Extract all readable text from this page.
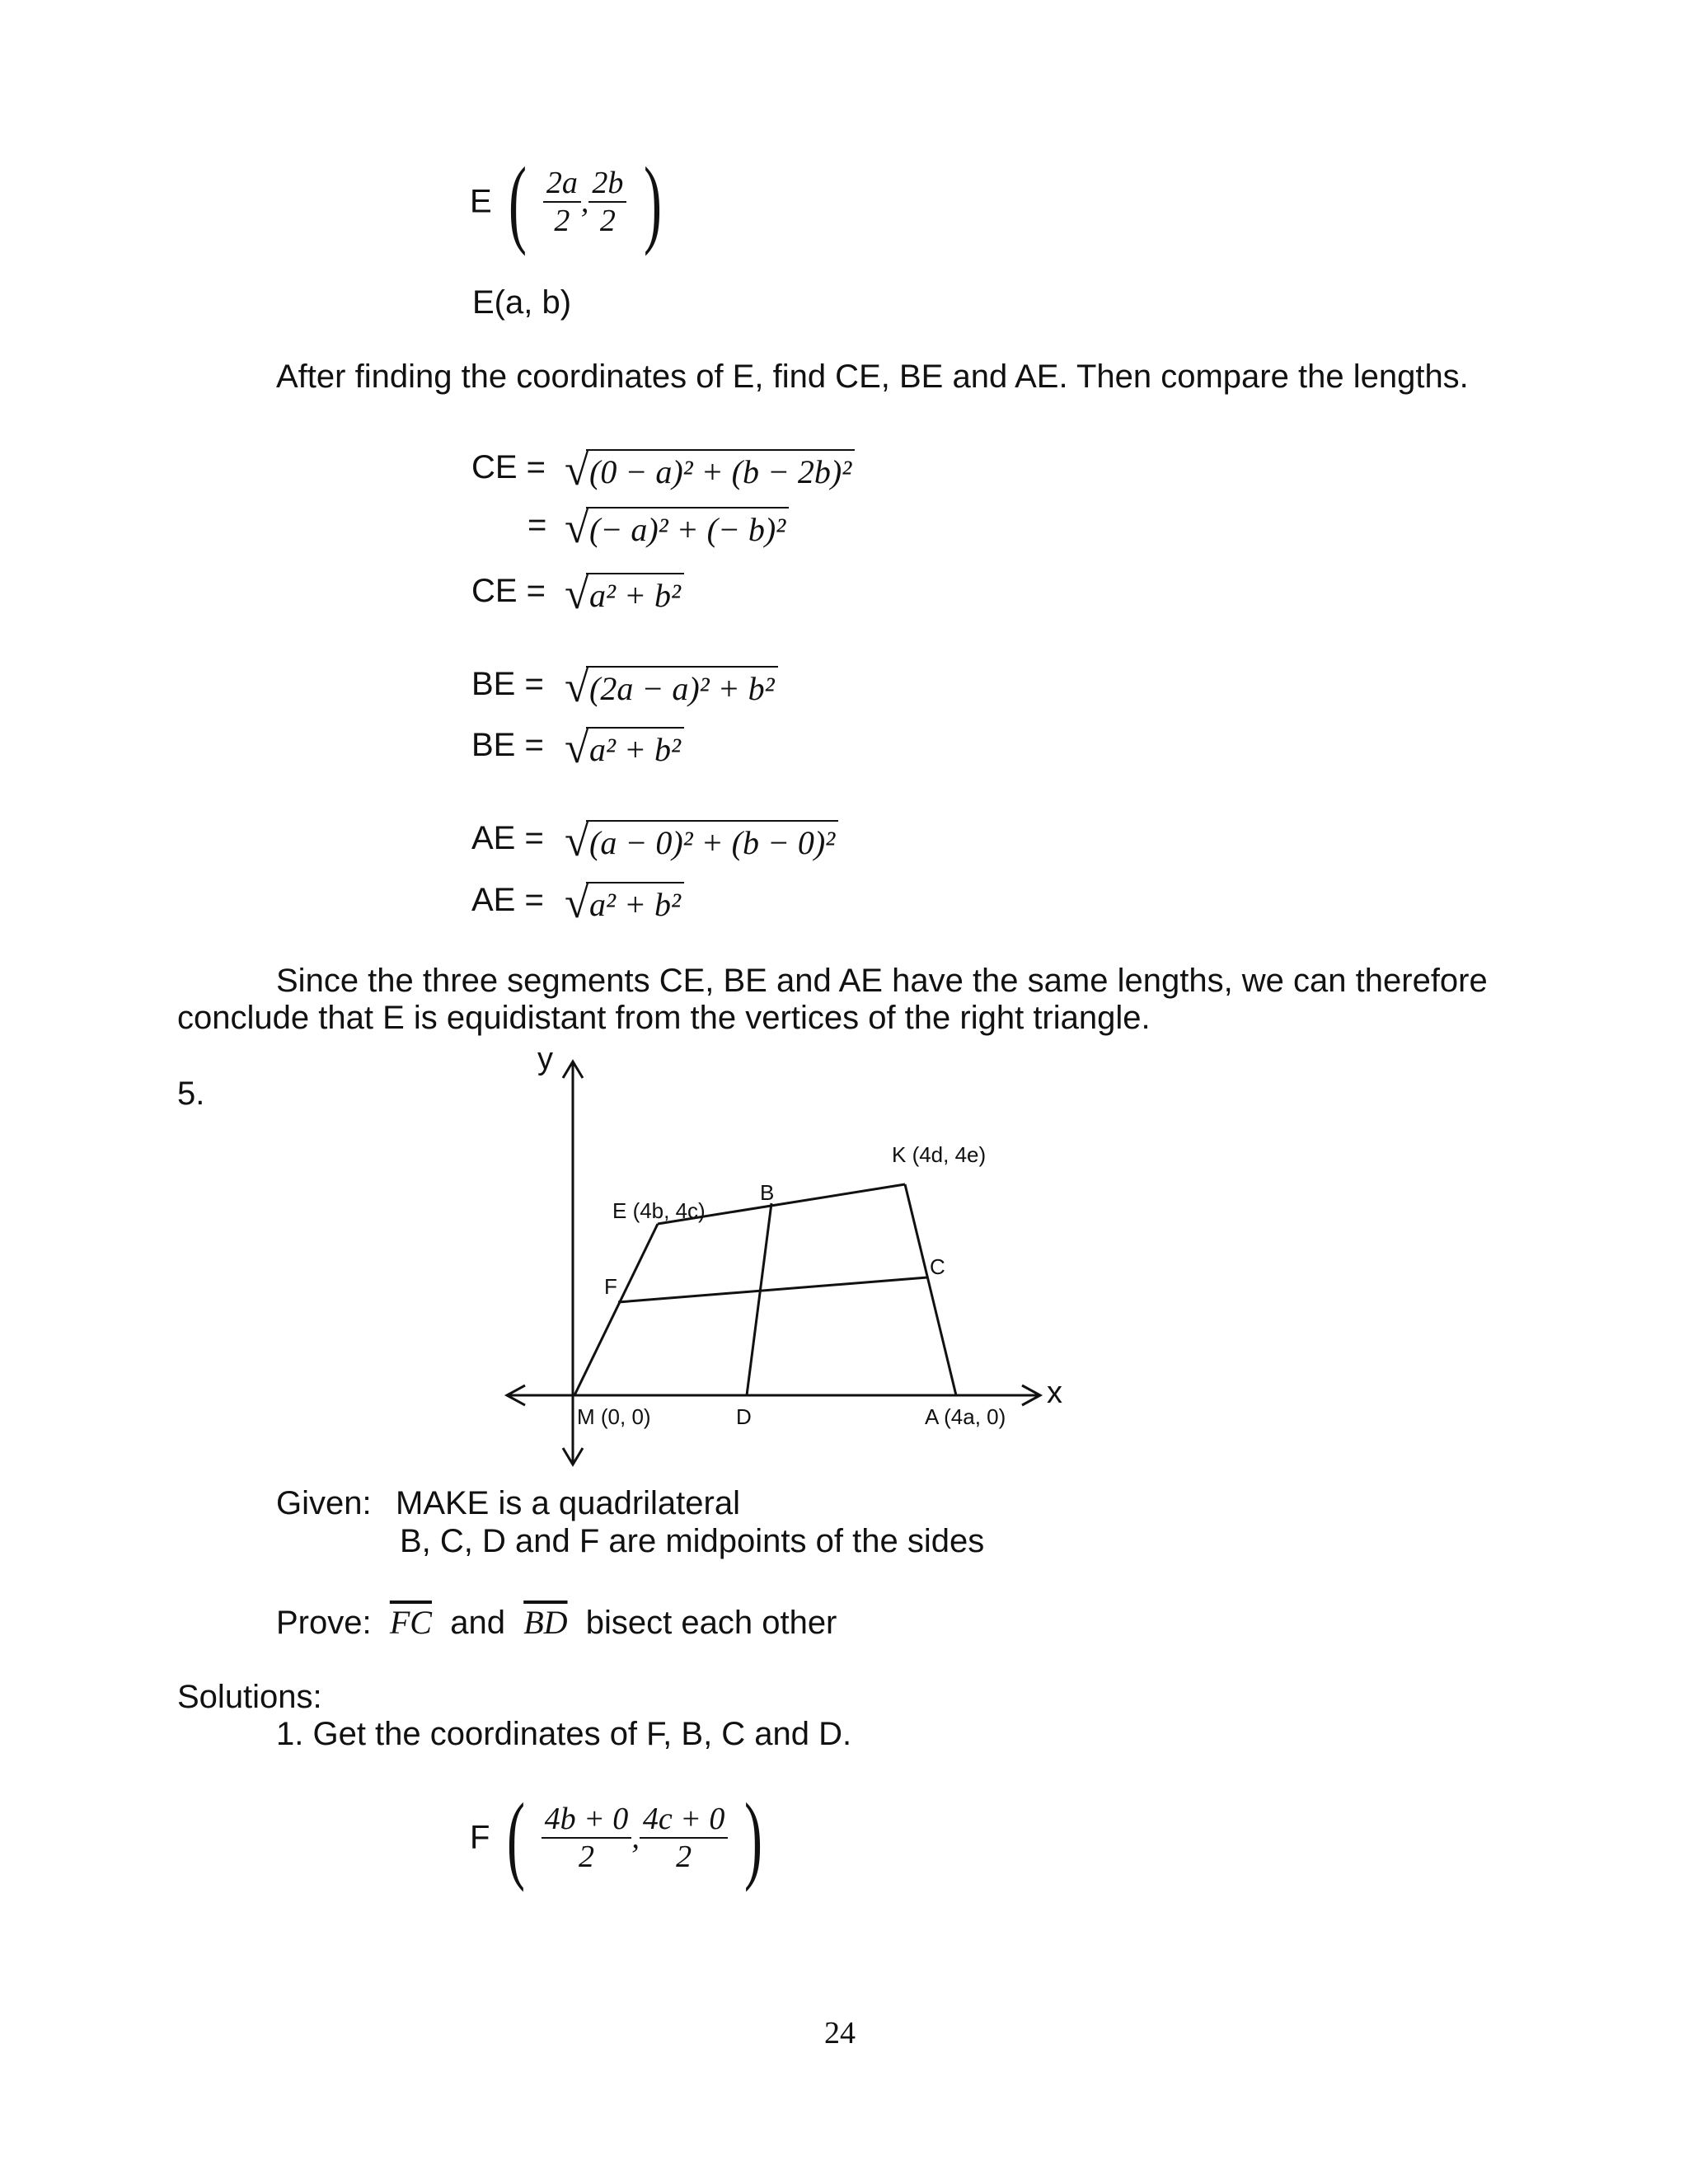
E ( $\frac{2a}{2}$ , $\frac{2b}{2}$ )
E(a, b)
After finding the coordinates of E, find CE, BE and AE. Then compare the lengths.
CE = √ (0 − a)² + (b − 2b)²
= √ (− a)² + (− b)²
CE = √ a² + b²
BE = √ (2a − a)² + b²
BE = √ a² + b²
AE = √ (a − 0)² + (b − 0)²
AE = √ a² + b²
Since the three segments CE, BE and AE have the same lengths, we can therefore
conclude that E is equidistant from the vertices of the right triangle.
5.
y
x
M (0, 0)	D	A (4a, 0)
E (4b, 4c)
B
K (4d, 4e)
C
F
Given: MAKE is a quadrilateral
B, C, D and F are midpoints of the sides
Prove: $\overline{FC}$ and $\overline{BD}$ bisect each other
Solutions:
1. Get the coordinates of F, B, C and D.
F ( $\frac{4b + 0}{2}$ , $\frac{4c + 0}{2}$ )
24
